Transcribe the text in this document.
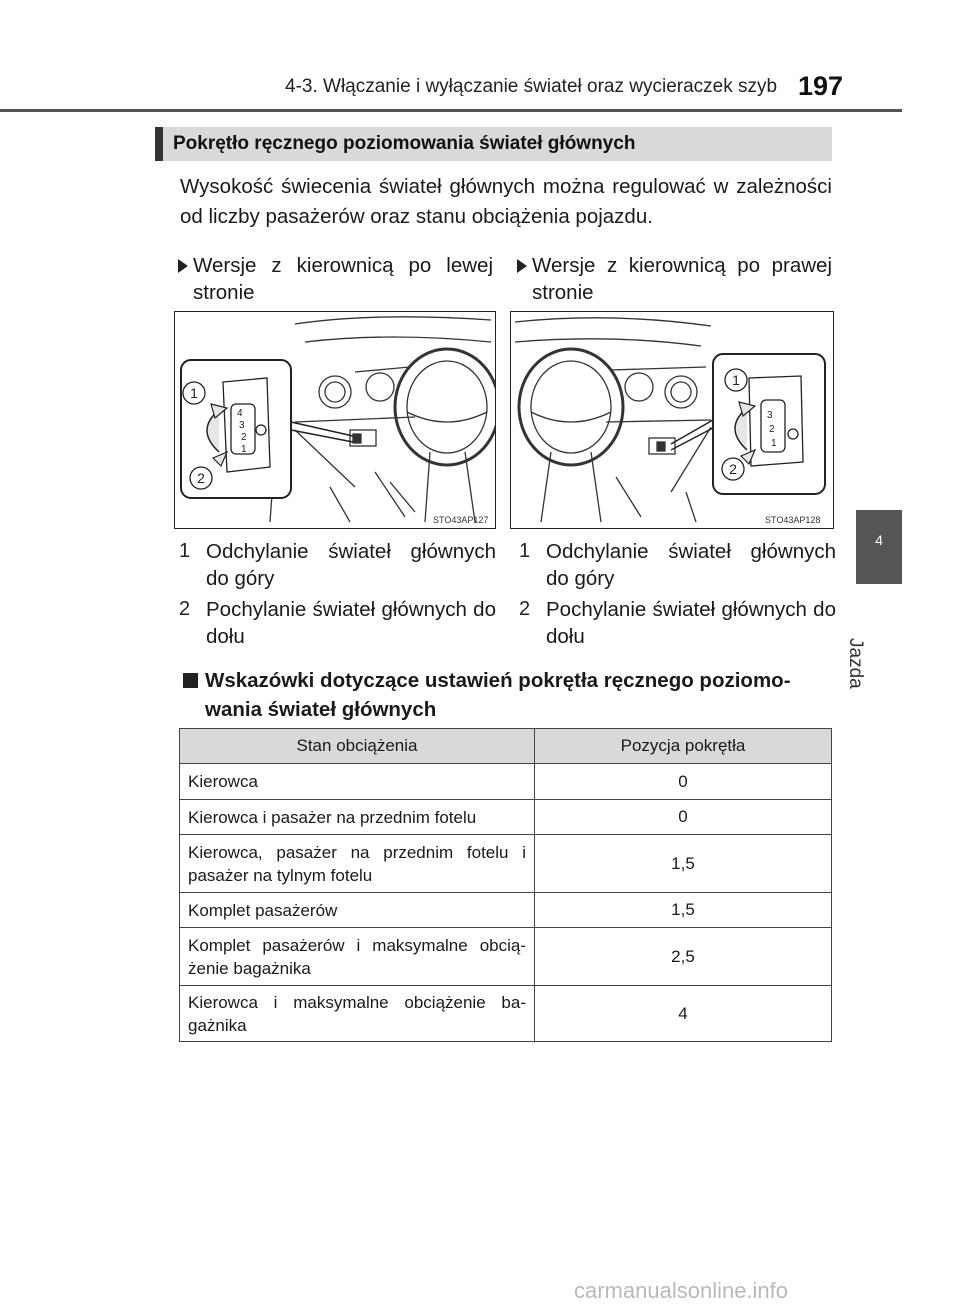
4-3. Włączanie i wyłączanie świateł oraz wycieraczek szyb 197
4
Jazda
Pokrętło ręcznego poziomowania świateł głównych
Wysokość świecenia świateł głównych można regulować w zależności od liczby pasażerów oraz stanu obciążenia pojazdu.
Wersje z kierownicą po lewej stronie
Wersje z kierownicą po prawej stronie
4
3
2
1
1
2
STO43AP127
3
2
1
1
2
STO43AP128
1 Odchylanie świateł głównych do góry
2 Pochylanie świateł głównych do dołu
1 Odchylanie świateł głównych do góry
2 Pochylanie świateł głównych do dołu
Wskazówki dotyczące ustawień pokrętła ręcznego poziomo-wania świateł głównych
Stan obciążenia	Pozycja pokrętła
Kierowca	0
Kierowca i pasażer na przednim fotelu	0
Kierowca, pasażer na przednim fotelu i pasażer na tylnym fotelu	1,5
Komplet pasażerów	1,5
Komplet pasażerów i maksymalne obcią-żenie bagażnika	2,5
Kierowca i maksymalne obciążenie ba-gażnika	4
carmanualsonline.info
